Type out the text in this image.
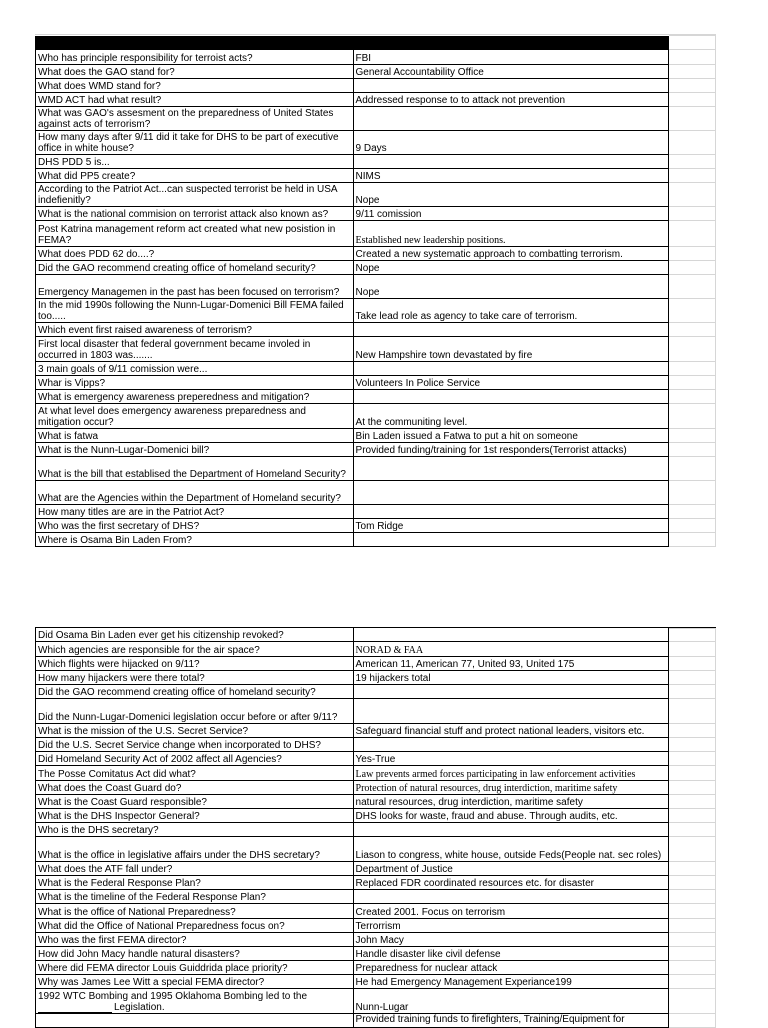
Who has principle responsibility for terroist acts?	FBI
What does the GAO stand for?	General Accountability Office
What does WMD stand for?
WMD ACT had what result?	Addressed response to to attack not prevention
What was GAO's assesment on the preparedness of United States against acts of terrorism?
How many days after 9/11 did it take for DHS to be part of executive office in white house?	9 Days
DHS PDD 5 is...
What did PP5 create?	NIMS
According to the Patriot Act...can suspected terrorist be held in USA indefienitly?	Nope
What is the national commision on terrorist attack also known as?	9/11 comission
Post Katrina management reform act created what new posistion in FEMA?	Established new leadership positions.
What does PDD 62 do....?	Created a new systematic approach to combatting terrorism.
Did the GAO recommend creating office of homeland security?	Nope
Emergency Managemen in the past has been focused on terrorism?	Nope
In the mid 1990s following the Nunn-Lugar-Domenici Bill FEMA failed too.....	Take lead role as agency to take care of terrorism.
Which event first raised awareness of terrorism?
First local disaster that federal government became involed in occurred in 1803 was.......	New Hampshire town devastated by fire
3 main goals of 9/11 comission were...
Whar is Vipps?	Volunteers In Police Service
What is emergency awareness preperedness and mitigation?
At what level does emergency awareness preparedness and mitigation occur?	At the communiting level.
What is fatwa	Bin Laden issued a Fatwa to put a hit on someone
What is the Nunn-Lugar-Domenici bill?	Provided funding/training for 1st responders(Terrorist attacks)
What is the bill that establised the Department of Homeland Security?
What are the Agencies within the Department of Homeland security?
How many titles are are in the Patriot Act?
Who was the first secretary of DHS?	Tom Ridge
Where is Osama Bin Laden From?
Did Osama Bin Laden ever get his citizenship revoked?
Which agencies are responsible for the air space?	NORAD & FAA
Which flights were hijacked on 9/11?	American 11, American 77, United 93, United 175
How many hijackers were there total?	19 hijackers total
Did the GAO recommend creating office of homeland security?
Did the Nunn-Lugar-Domenici legislation occur before or after 9/11?
What is the mission of the U.S. Secret Service?	Safeguard financial stuff and protect national leaders, visitors etc.
Did the U.S. Secret Service change when incorporated to DHS?
Did Homeland Security Act of 2002 affect all Agencies?	Yes-True
The Posse Comitatus Act did what?	Law prevents armed forces participating in law enforcement activities
What does the Coast Guard do?	Protection of natural resources, drug interdiction, maritime safety
What is the Coast Guard responsible?	natural resources, drug interdiction, maritime safety
What is the DHS Inspector General?	DHS looks for waste, fraud and abuse. Through audits, etc.
Who is the DHS secretary?
What is the office in legislative affairs under the DHS secretary?	Liason to congress, white house, outside Feds(People nat. sec roles)
What does the ATF fall under?	Department of Justice
What is the Federal Response Plan?	Replaced FDR coordinated resources etc. for disaster
What is the timeline of the Federal Response Plan?
What is the office of National Preparedness?	Created 2001. Focus on terrorism
What did the Office of National Preparedness focus on?	Terrorrism
Who was the first FEMA director?	John Macy
How did John Macy handle natural disasters?	Handle disaster like civil defense
Where did FEMA director Louis Guiddrida place priority?	Preparedness for nuclear attack
Why was James Lee Witt a special FEMA director?	He had Emergency Management Experiance199
1992 WTC Bombing and 1995 Oklahoma Bombing led to the
Legislation.	Nunn-Lugar
Provided training funds to firefighters, Training/Equipment for
